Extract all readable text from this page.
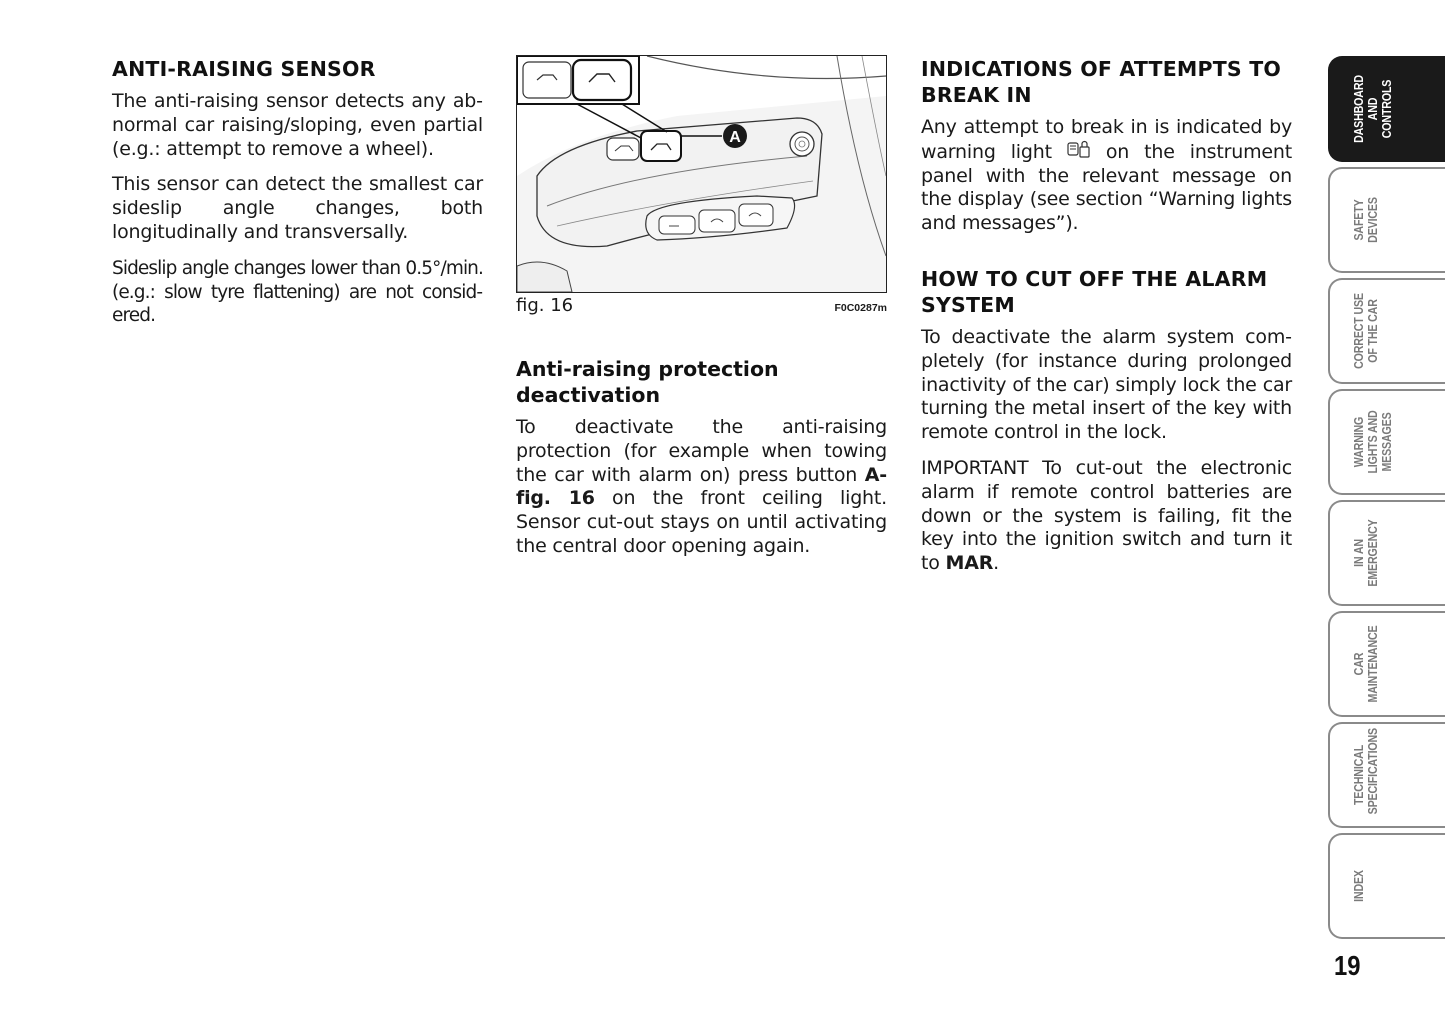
ANTI-RAISING SENSOR

The anti-raising sensor detects any abnormal car raising/sloping, even partial (e.g.: attempt to remove a wheel).

This sensor can detect the smallest car sideslip angle changes, both longitudinally and transversally.

Sideslip angle changes lower than 0.5°/min. (e.g.: slow tyre flattening) are not considered.

A
fig. 16	F0C0287m
Anti-raising protection deactivation

To deactivate the anti-raising protection (for example when towing the car with alarm on) press button A-fig. 16 on the front ceiling light. Sensor cut-out stays on until activating the central door opening again.

INDICATIONS OF ATTEMPTS TO BREAK IN

Any attempt to break in is indicated by warning light  on the instrument panel with the relevant message on the display (see section “Warning lights and messages”).

HOW TO CUT OFF THE ALARM SYSTEM

To deactivate the alarm system completely (for instance during prolonged inactivity of the car) simply lock the car turning the metal insert of the key with remote control in the lock.

IMPORTANT To cut-out the electronic alarm if remote control batteries are down or the system is failing, fit the key into the ignition switch and turn it to MAR.

DASHBOARD
AND CONTROLS
SAFETY
DEVICES
CORRECT USE
OF THE CAR
WARNING
LIGHTS AND
MESSAGES
IN AN
EMERGENCY
CAR
MAINTENANCE
TECHNICAL
SPECIFICATIONS
INDEX
19
